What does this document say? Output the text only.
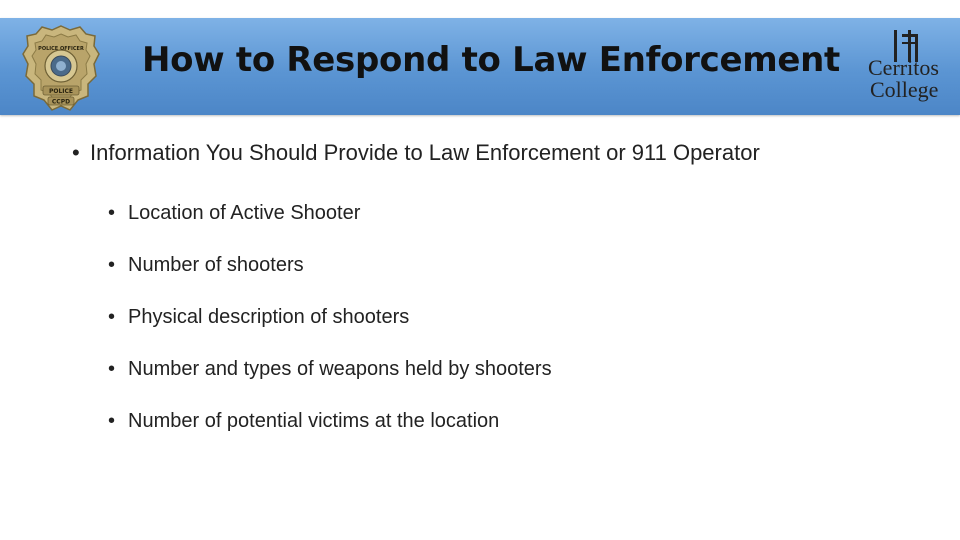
POLICE
CCPD
POLICE OFFICER How to Respond to Law Enforcement Cerritos
College
• Information You Should Provide to Law Enforcement or 911 Operator
• Location of Active Shooter
• Number of shooters
• Physical description of shooters
• Number and types of weapons held by shooters
• Number of potential victims at the location
